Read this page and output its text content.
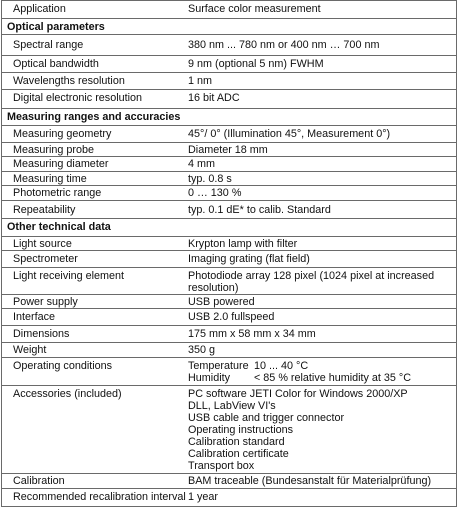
Application	Surface color measurement
Optical parameters
Spectral range	380 nm ... 780 nm or 400 nm … 700 nm
Optical bandwidth	9 nm (optional 5 nm) FWHM
Wavelengths resolution	1 nm
Digital electronic resolution	16 bit ADC
Measuring ranges and accuracies
Measuring geometry	45°/ 0° (Illumination 45°, Measurement 0°)
Measuring probe	Diameter 18 mm
Measuring diameter	4 mm
Measuring time	typ. 0.8 s
Photometric range	0 … 130 %
Repeatability	typ. 0.1 dE* to calib. Standard
Other technical data
Light source	Krypton lamp with filter
Spectrometer	Imaging grating (flat field)
Light receiving element	Photodiode array 128 pixel (1024 pixel at increased resolution)
Power supply	USB powered
Interface	USB 2.0 fullspeed
Dimensions	175 mm x 58 mm x 34 mm
Weight	350 g
Operating conditions	Temperature 10 ... 40 °C
Humidity	< 85 % relative humidity at 35 °C
Accessories (included)	PC software JETI Color for Windows 2000/XP
DLL, LabView VI's
USB cable and trigger connector
Operating instructions
Calibration standard
Calibration certificate
Transport box
Calibration	BAM traceable (Bundesanstalt für Materialprüfung)
Recommended recalibration interval 1 year
